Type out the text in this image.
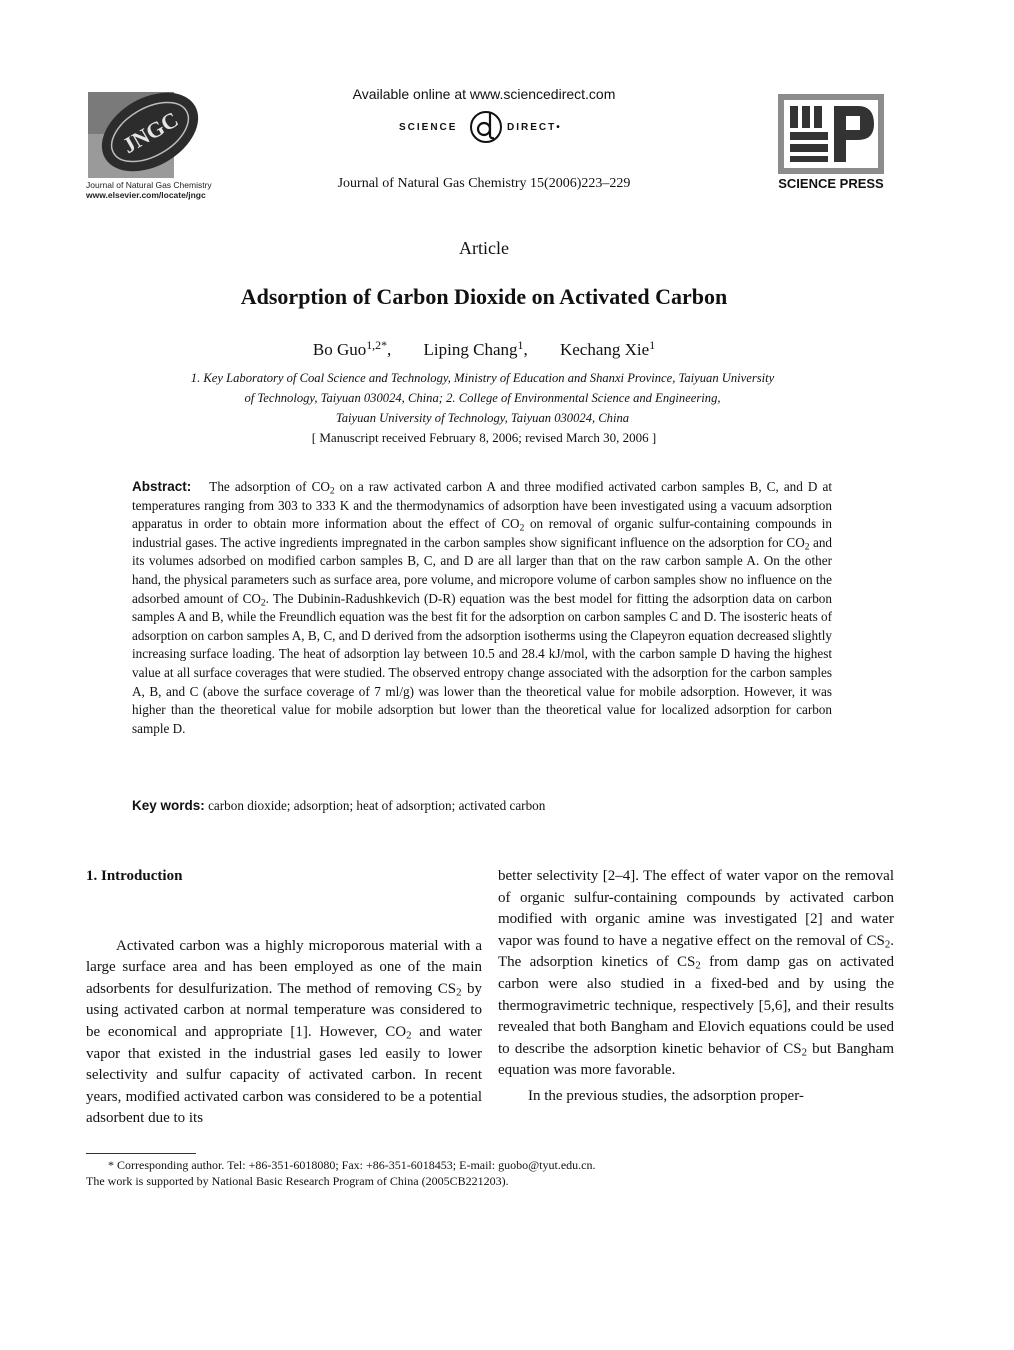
JNGC
Journal of Natural Gas Chemistry
www.elsevier.com/locate/jngc
Available online at www.sciencedirect.com
SCIENCE	DIRECT•
Journal of Natural Gas Chemistry 15(2006)223–229	SCIENCE PRESS
Article
Adsorption of Carbon Dioxide on Activated Carbon
Bo Guo$^{1,2*}$, Liping Chang$^1$, Kechang Xie$^1$
1. Key Laboratory of Coal Science and Technology, Ministry of Education and Shanxi Province, Taiyuan University
of Technology, Taiyuan 030024, China; 2. College of Environmental Science and Engineering,
Taiyuan University of Technology, Taiyuan 030024, China
[ Manuscript received February 8, 2006; revised March 30, 2006 ]
Abstract: The adsorption of $CO_2$ on a raw activated carbon A and three modified activated carbon samples B, C, and D at temperatures ranging from 303 to 333 K and the thermodynamics of adsorption have been investigated using a vacuum adsorption apparatus in order to obtain more information about the effect of $CO_2$ on removal of organic sulfur-containing compounds in industrial gases. The active ingredients impregnated in the carbon samples show significant influence on the adsorption for $CO_2$ and its volumes adsorbed on modified carbon samples B, C, and D are all larger than that on the raw carbon sample A. On the other hand, the physical parameters such as surface area, pore volume, and micropore volume of carbon samples show no influence on the adsorbed amount of $CO_2$. The Dubinin-Radushkevich (D-R) equation was the best model for fitting the adsorption data on carbon samples A and B, while the Freundlich equation was the best fit for the adsorption on carbon samples C and D. The isosteric heats of adsorption on carbon samples A, B, C, and D derived from the adsorption isotherms using the Clapeyron equation decreased slightly increasing surface loading. The heat of adsorption lay between 10.5 and 28.4 kJ/mol, with the carbon sample D having the highest value at all surface coverages that were studied. The observed entropy change associated with the adsorption for the carbon samples A, B, and C (above the surface coverage of 7 ml/g) was lower than the theoretical value for mobile adsorption. However, it was higher than the theoretical value for mobile adsorption but lower than the theoretical value for localized adsorption for carbon sample D.
Key words: carbon dioxide; adsorption; heat of adsorption; activated carbon
1. Introduction

Activated carbon was a highly microporous material with a large surface area and has been employed as one of the main adsorbents for desulfurization. The method of removing $CS_2$ by using activated carbon at normal temperature was considered to be economical and appropriate [1]. However, $CO_2$ and water vapor that existed in the industrial gases led easily to lower selectivity and sulfur capacity of activated carbon. In recent years, modified activated carbon was considered to be a potential adsorbent due to its

better selectivity [2–4]. The effect of water vapor on the removal of organic sulfur-containing compounds by activated carbon modified with organic amine was investigated [2] and water vapor was found to have a negative effect on the removal of $CS_2$. The adsorption kinetics of $CS_2$ from damp gas on activated carbon were also studied in a fixed-bed and by using the thermogravimetric technique, respectively [5,6], and their results revealed that both Bangham and Elovich equations could be used to describe the adsorption kinetic behavior of $CS_2$ but Bangham equation was more favorable.

In the previous studies, the adsorption proper-

* Corresponding author. Tel: +86-351-6018080; Fax: +86-351-6018453; E-mail: guobo@tyut.edu.cn.
The work is supported by National Basic Research Program of China (2005CB221203).
